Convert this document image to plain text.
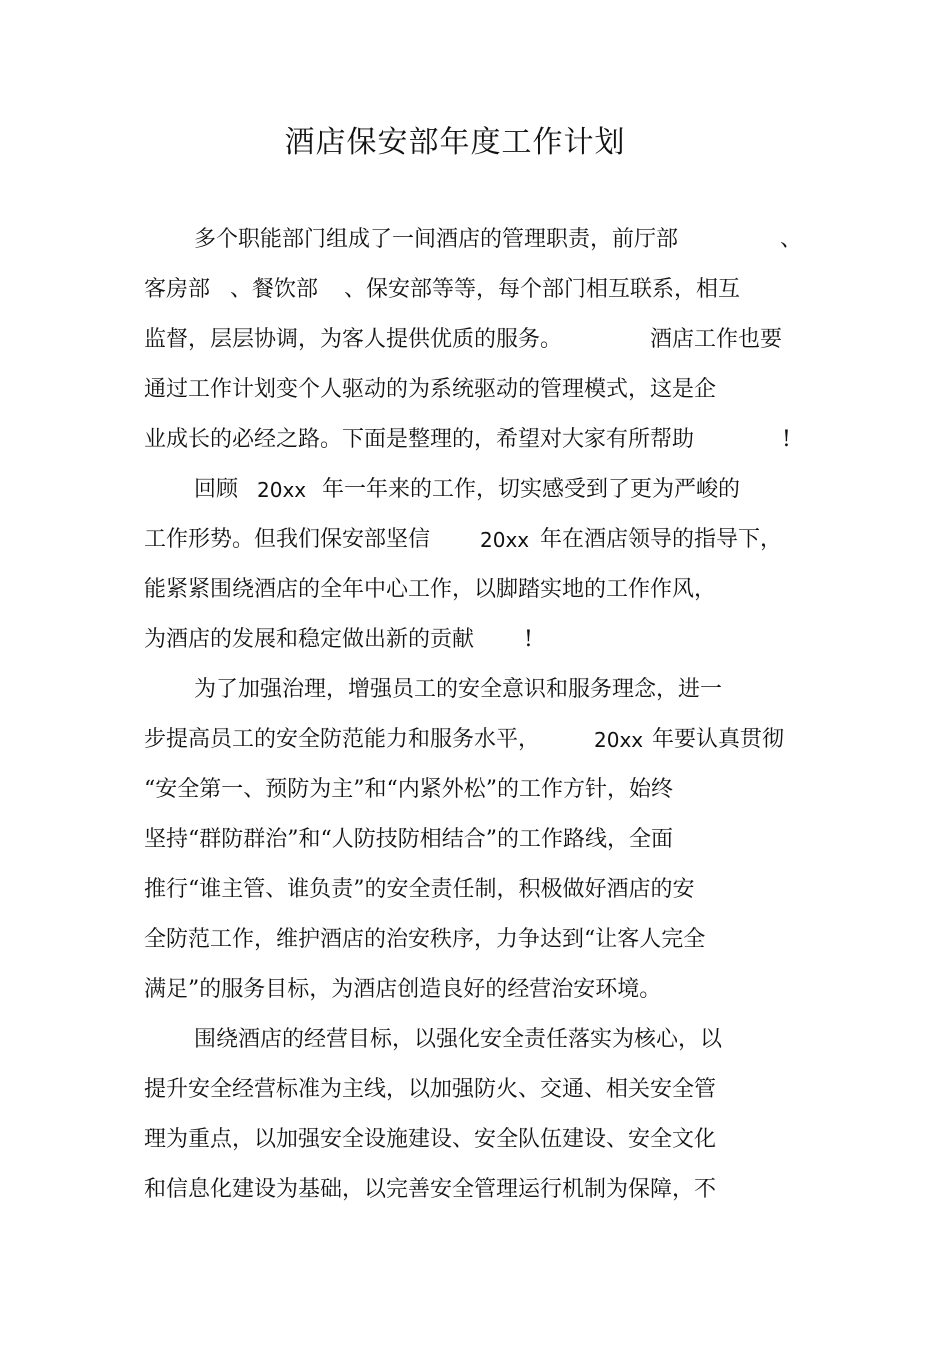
酒店保安部年度工作计划
多个职能部门组成了一间酒店的管理职责，前厅部	、
客房部 、餐饮部 、保安部等等，每个部门相互联系，相互
监督，层层协调，为客人提供优质的服务。	酒店工作也要
通过工作计划变个人驱动的为系统驱动的管理模式，这是企
业成长的必经之路。下面是整理的，希望对大家有所帮助	!
回顾 20xx 年一年来的工作，切实感受到了更为严峻的
工作形势。但我们保安部坚信 20xx 年在酒店领导的指导下，
能紧紧围绕酒店的全年中心工作，以脚踏实地的工作作风，
为酒店的发展和稳定做出新的贡献 !
为了加强治理，增强员工的安全意识和服务理念，进一
步提高员工的安全防范能力和服务水平，	20xx 年要认真贯彻
“安全第一、预防为主”和“内紧外松”的工作方针，始终
坚持“群防群治”和“人防技防相结合”的工作路线，全面
推行“谁主管、谁负责”的安全责任制，积极做好酒店的安
全防范工作，维护酒店的治安秩序，力争达到“让客人完全
满足”的服务目标，为酒店创造良好的经营治安环境。
围绕酒店的经营目标，以强化安全责任落实为核心，以
提升安全经营标准为主线，以加强防火、交通、相关安全管
理为重点，以加强安全设施建设、安全队伍建设、安全文化
和信息化建设为基础，以完善安全管理运行机制为保障，不
